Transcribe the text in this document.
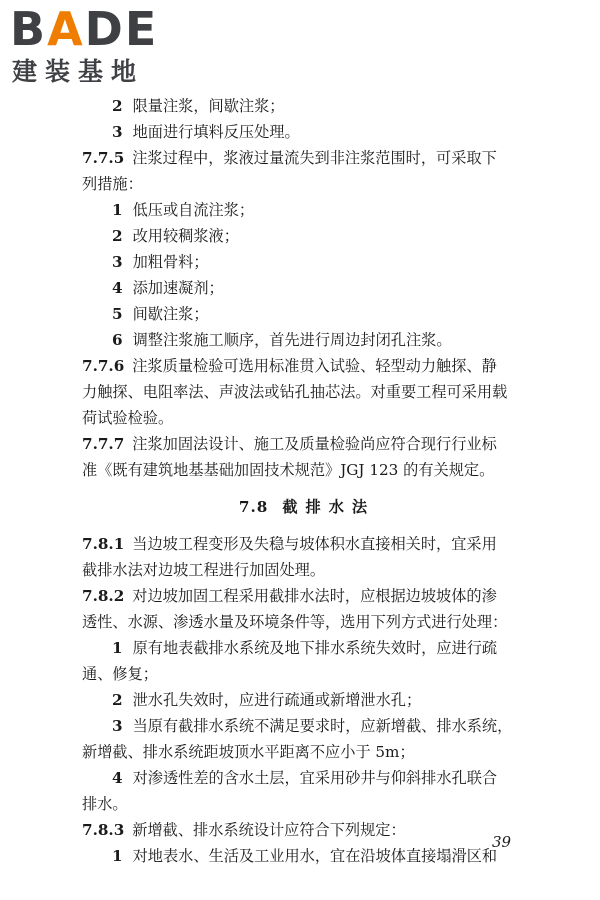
BADE
建装基地
2 限量注浆，间歇注浆；
3 地面进行填料反压处理。
7.7.5 注浆过程中，浆液过量流失到非注浆范围时，可采取下
列措施：
1 低压或自流注浆；
2 改用较稠浆液；
3 加粗骨料；
4 添加速凝剂；
5 间歇注浆；
6 调整注浆施工顺序，首先进行周边封闭孔注浆。
7.7.6 注浆质量检验可选用标准贯入试验、轻型动力触探、静
力触探、电阻率法、声波法或钻孔抽芯法。对重要工程可采用载
荷试验检验。
7.7.7 注浆加固法设计、施工及质量检验尚应符合现行行业标
准《既有建筑地基基础加固技术规范》JGJ 123 的有关规定。
7.8 截排水法
7.8.1 当边坡工程变形及失稳与坡体积水直接相关时，宜采用
截排水法对边坡工程进行加固处理。
7.8.2 对边坡加固工程采用截排水法时，应根据边坡坡体的渗
透性、水源、渗透水量及环境条件等，选用下列方式进行处理：
1 原有地表截排水系统及地下排水系统失效时，应进行疏
通、修复；
2 泄水孔失效时，应进行疏通或新增泄水孔；
3 当原有截排水系统不满足要求时，应新增截、排水系统，
新增截、排水系统距坡顶水平距离不应小于 5m；
4 对渗透性差的含水土层，宜采用砂井与仰斜排水孔联合
排水。
7.8.3 新增截、排水系统设计应符合下列规定：
1 对地表水、生活及工业用水，宜在沿坡体直接塌滑区和
39
